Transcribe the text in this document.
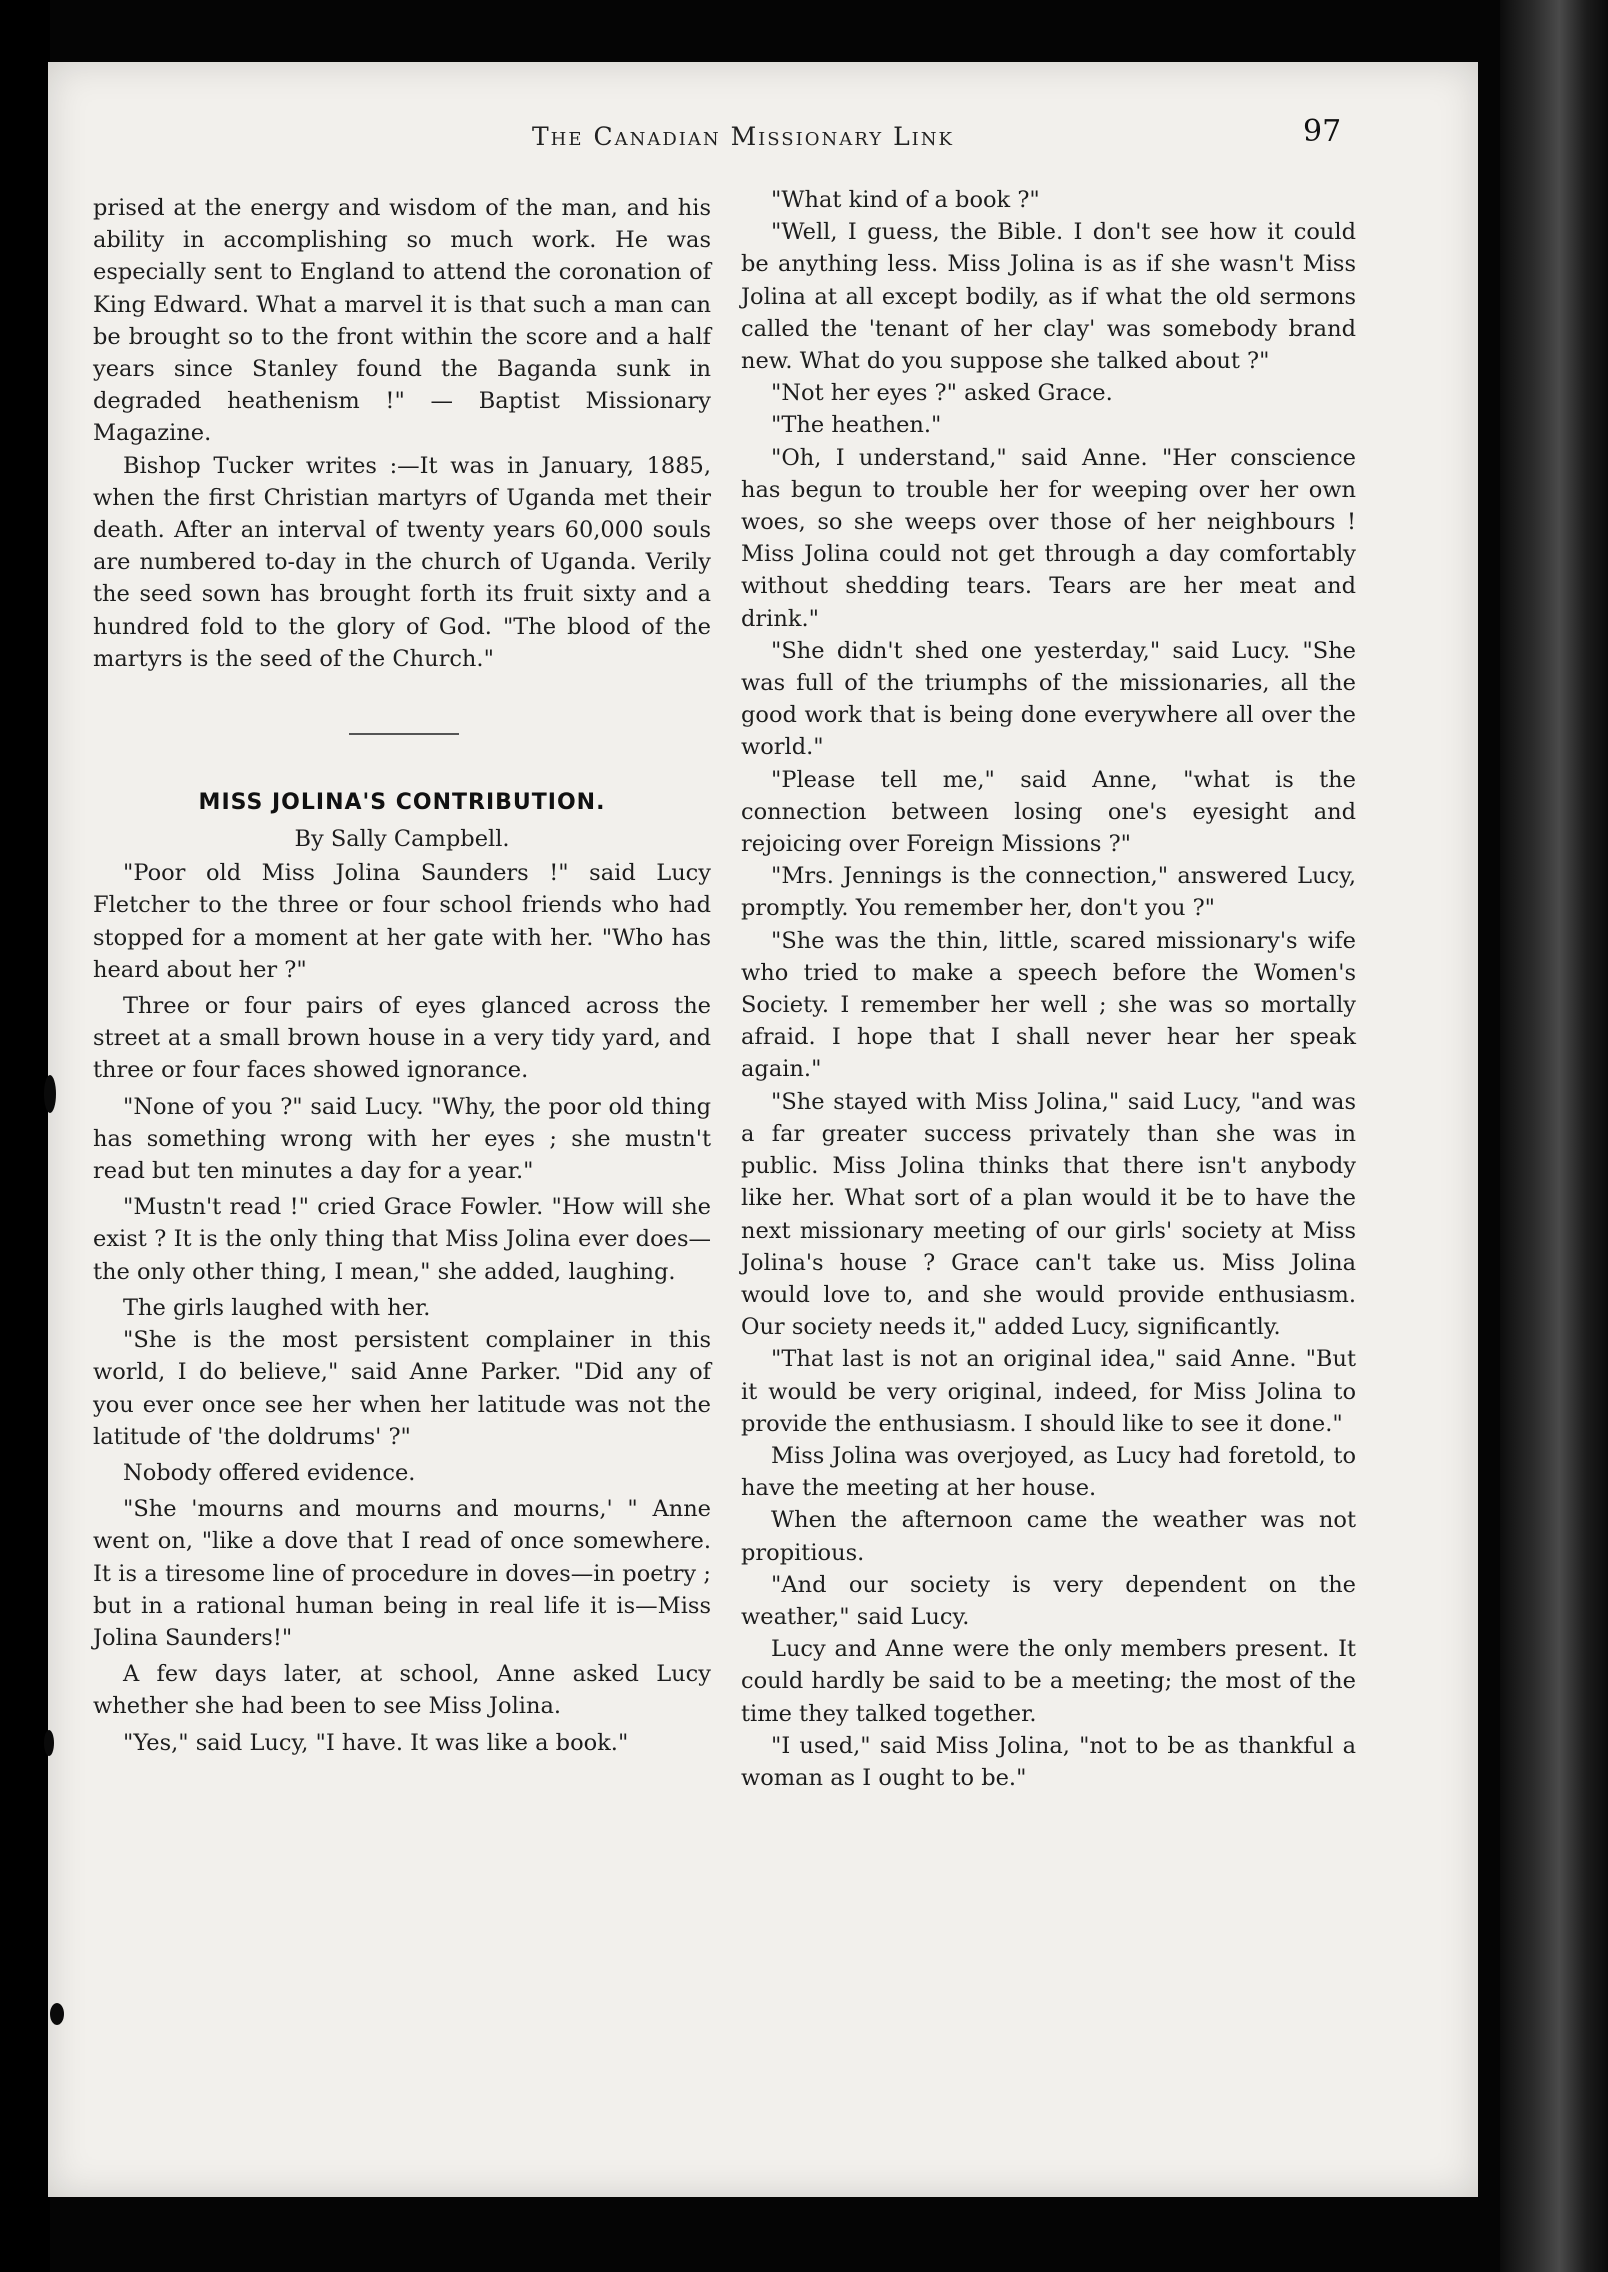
The Canadian Missionary Link	97

prised at the energy and wisdom of the man, and his ability in accomplishing so much work. He was especially sent to England to attend the coronation of King Edward. What a marvel it is that such a man can be brought so to the front within the score and a half years since Stanley found the Baganda sunk in degraded heathenism !" — Baptist Missionary Magazine.

Bishop Tucker writes :—It was in January, 1885, when the first Christian martyrs of Uganda met their death. After an interval of twenty years 60,000 souls are numbered to-day in the church of Uganda. Verily the seed sown has brought forth its fruit sixty and a hundred fold to the glory of God. "The blood of the martyrs is the seed of the Church."

MISS JOLINA'S CONTRIBUTION.
By Sally Campbell.

"Poor old Miss Jolina Saunders !" said Lucy Fletcher to the three or four school friends who had stopped for a moment at her gate with her. "Who has heard about her ?"

Three or four pairs of eyes glanced across the street at a small brown house in a very tidy yard, and three or four faces showed ignorance.

"None of you ?" said Lucy. "Why, the poor old thing has something wrong with her eyes ; she mustn't read but ten minutes a day for a year."

"Mustn't read !" cried Grace Fowler. "How will she exist ? It is the only thing that Miss Jolina ever does—the only other thing, I mean," she added, laughing.

The girls laughed with her.

"She is the most persistent complainer in this world, I do believe," said Anne Parker. "Did any of you ever once see her when her latitude was not the latitude of 'the doldrums' ?"

Nobody offered evidence.

"She 'mourns and mourns and mourns,' " Anne went on, "like a dove that I read of once somewhere. It is a tiresome line of procedure in doves—in poetry ; but in a rational human being in real life it is—Miss Jolina Saunders!"

A few days later, at school, Anne asked Lucy whether she had been to see Miss Jolina.

"Yes," said Lucy, "I have. It was like a book."

"What kind of a book ?"

"Well, I guess, the Bible. I don't see how it could be anything less. Miss Jolina is as if she wasn't Miss Jolina at all except bodily, as if what the old sermons called the 'tenant of her clay' was somebody brand new. What do you suppose she talked about ?"

"Not her eyes ?" asked Grace.

"The heathen."

"Oh, I understand," said Anne. "Her conscience has begun to trouble her for weeping over her own woes, so she weeps over those of her neighbours ! Miss Jolina could not get through a day comfortably without shedding tears. Tears are her meat and drink."

"She didn't shed one yesterday," said Lucy. "She was full of the triumphs of the missionaries, all the good work that is being done everywhere all over the world."

"Please tell me," said Anne, "what is the connection between losing one's eyesight and rejoicing over Foreign Missions ?"

"Mrs. Jennings is the connection," answered Lucy, promptly. You remember her, don't you ?"

"She was the thin, little, scared missionary's wife who tried to make a speech before the Women's Society. I remember her well ; she was so mortally afraid. I hope that I shall never hear her speak again."

"She stayed with Miss Jolina," said Lucy, "and was a far greater success privately than she was in public. Miss Jolina thinks that there isn't anybody like her. What sort of a plan would it be to have the next missionary meeting of our girls' society at Miss Jolina's house ? Grace can't take us. Miss Jolina would love to, and she would provide enthusiasm. Our society needs it," added Lucy, significantly.

"That last is not an original idea," said Anne. "But it would be very original, indeed, for Miss Jolina to provide the enthusiasm. I should like to see it done."

Miss Jolina was overjoyed, as Lucy had foretold, to have the meeting at her house.

When the afternoon came the weather was not propitious.

"And our society is very dependent on the weather," said Lucy.

Lucy and Anne were the only members present. It could hardly be said to be a meeting; the most of the time they talked together.

"I used," said Miss Jolina, "not to be as thankful a woman as I ought to be."
